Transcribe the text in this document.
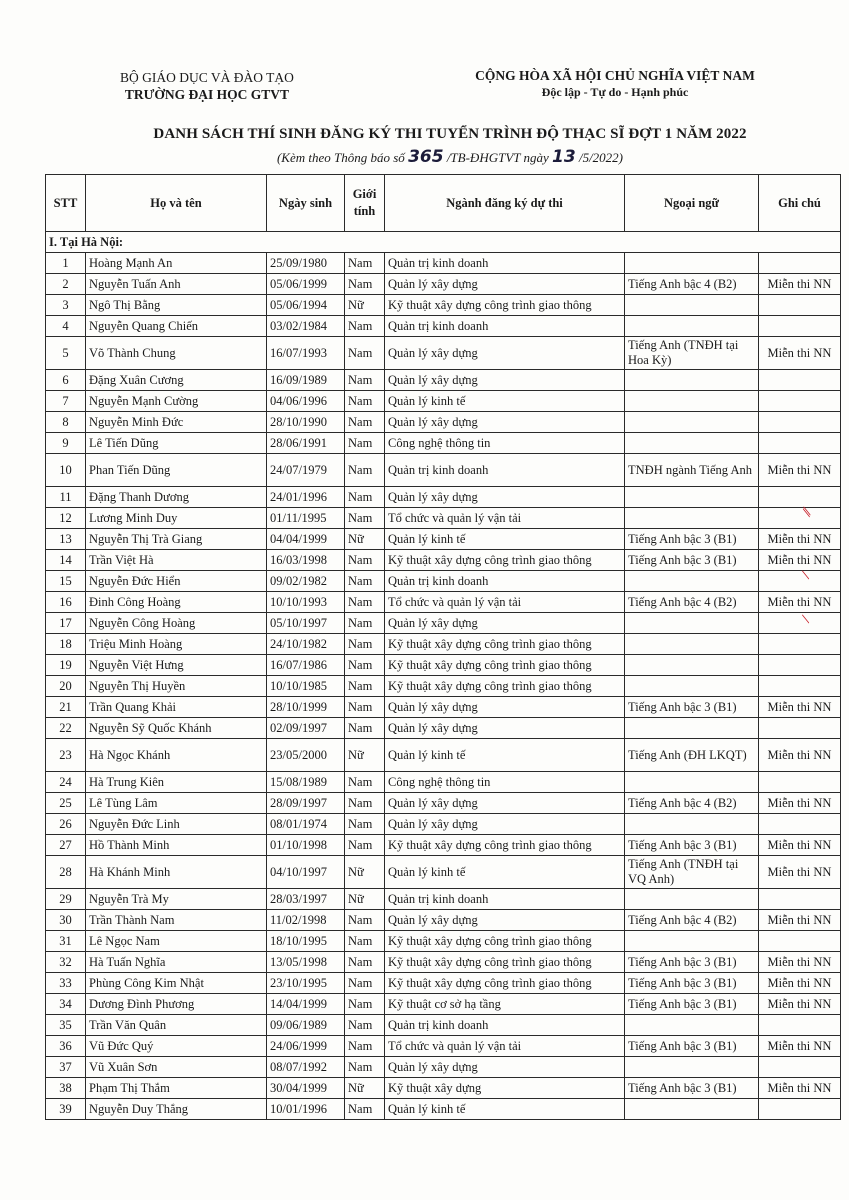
BỘ GIÁO DỤC VÀ ĐÀO TẠO
TRƯỜNG ĐẠI HỌC GTVT
CỘNG HÒA XÃ HỘI CHỦ NGHĨA VIỆT NAM
Độc lập - Tự do - Hạnh phúc
DANH SÁCH THÍ SINH ĐĂNG KÝ THI TUYỂN TRÌNH ĐỘ THẠC SĨ ĐỢT 1 NĂM 2022
(Kèm theo Thông báo số 365 /TB-ĐHGTVT ngày 13 /5/2022)
STT	Họ và tên	Ngày sinh	Giới tính	Ngành đăng ký dự thi	Ngoại ngữ	Ghi chú
I. Tại Hà Nội:						
1	Hoàng Mạnh An	25/09/1980	Nam	Quản trị kinh doanh		
2	Nguyễn Tuấn Anh	05/06/1999	Nam	Quản lý xây dựng	Tiếng Anh bậc 4 (B2)	Miễn thi NN
3	Ngô Thị Bằng	05/06/1994	Nữ	Kỹ thuật xây dựng công trình giao thông		
4	Nguyễn Quang Chiến	03/02/1984	Nam	Quản trị kinh doanh		
5	Võ Thành Chung	16/07/1993	Nam	Quản lý xây dựng	Tiếng Anh (TNĐH tại Hoa Kỳ)	Miễn thi NN
6	Đặng Xuân Cương	16/09/1989	Nam	Quản lý xây dựng		
7	Nguyễn Mạnh Cường	04/06/1996	Nam	Quản lý kinh tế		
8	Nguyễn Minh Đức	28/10/1990	Nam	Quản lý xây dựng		
9	Lê Tiến Dũng	28/06/1991	Nam	Công nghệ thông tin		
10	Phan Tiến Dũng	24/07/1979	Nam	Quản trị kinh doanh	TNĐH ngành Tiếng Anh	Miễn thi NN
11	Đặng Thanh Dương	24/01/1996	Nam	Quản lý xây dựng		
12	Lương Minh Duy	01/11/1995	Nam	Tổ chức và quản lý vận tải		
13	Nguyễn Thị Trà Giang	04/04/1999	Nữ	Quản lý kinh tế	Tiếng Anh bậc 3 (B1)	Miễn thi NN
14	Trần Việt Hà	16/03/1998	Nam	Kỹ thuật xây dựng công trình giao thông	Tiếng Anh bậc 3 (B1)	Miễn thi NN
15	Nguyễn Đức Hiển	09/02/1982	Nam	Quản trị kinh doanh		
16	Đinh Công Hoàng	10/10/1993	Nam	Tổ chức và quản lý vận tải	Tiếng Anh bậc 4 (B2)	Miễn thi NN
17	Nguyễn Công Hoàng	05/10/1997	Nam	Quản lý xây dựng		
18	Triệu Minh Hoàng	24/10/1982	Nam	Kỹ thuật xây dựng công trình giao thông		
19	Nguyễn Việt Hưng	16/07/1986	Nam	Kỹ thuật xây dựng công trình giao thông		
20	Nguyễn Thị Huyền	10/10/1985	Nam	Kỹ thuật xây dựng công trình giao thông		
21	Trần Quang Khải	28/10/1999	Nam	Quản lý xây dựng	Tiếng Anh bậc 3 (B1)	Miễn thi NN
22	Nguyễn Sỹ Quốc Khánh	02/09/1997	Nam	Quản lý xây dựng		
23	Hà Ngọc Khánh	23/05/2000	Nữ	Quản lý kinh tế	Tiếng Anh (ĐH LKQT)	Miễn thi NN
24	Hà Trung Kiên	15/08/1989	Nam	Công nghệ thông tin		
25	Lê Tùng Lâm	28/09/1997	Nam	Quản lý xây dựng	Tiếng Anh bậc 4 (B2)	Miễn thi NN
26	Nguyễn Đức Linh	08/01/1974	Nam	Quản lý xây dựng		
27	Hồ Thành Minh	01/10/1998	Nam	Kỹ thuật xây dựng công trình giao thông	Tiếng Anh bậc 3 (B1)	Miễn thi NN
28	Hà Khánh Minh	04/10/1997	Nữ	Quản lý kinh tế	Tiếng Anh (TNĐH tại VQ Anh)	Miễn thi NN
29	Nguyễn Trà My	28/03/1997	Nữ	Quản trị kinh doanh		
30	Trần Thành Nam	11/02/1998	Nam	Quản lý xây dựng	Tiếng Anh bậc 4 (B2)	Miễn thi NN
31	Lê Ngọc Nam	18/10/1995	Nam	Kỹ thuật xây dựng công trình giao thông		
32	Hà Tuấn Nghĩa	13/05/1998	Nam	Kỹ thuật xây dựng công trình giao thông	Tiếng Anh bậc 3 (B1)	Miễn thi NN
33	Phùng Công Kim Nhật	23/10/1995	Nam	Kỹ thuật xây dựng công trình giao thông	Tiếng Anh bậc 3 (B1)	Miễn thi NN
34	Dương Đình Phương	14/04/1999	Nam	Kỹ thuật cơ sở hạ tầng	Tiếng Anh bậc 3 (B1)	Miễn thi NN
35	Trần Văn Quân	09/06/1989	Nam	Quản trị kinh doanh		
36	Vũ Đức Quý	24/06/1999	Nam	Tổ chức và quản lý vận tải	Tiếng Anh bậc 3 (B1)	Miễn thi NN
37	Vũ Xuân Sơn	08/07/1992	Nam	Quản lý xây dựng		
38	Phạm Thị Thắm	30/04/1999	Nữ	Kỹ thuật xây dựng	Tiếng Anh bậc 3 (B1)	Miễn thi NN
39	Nguyễn Duy Thắng	10/01/1996	Nam	Quản lý kinh tế		
⁄⁄
⁄
⁄
